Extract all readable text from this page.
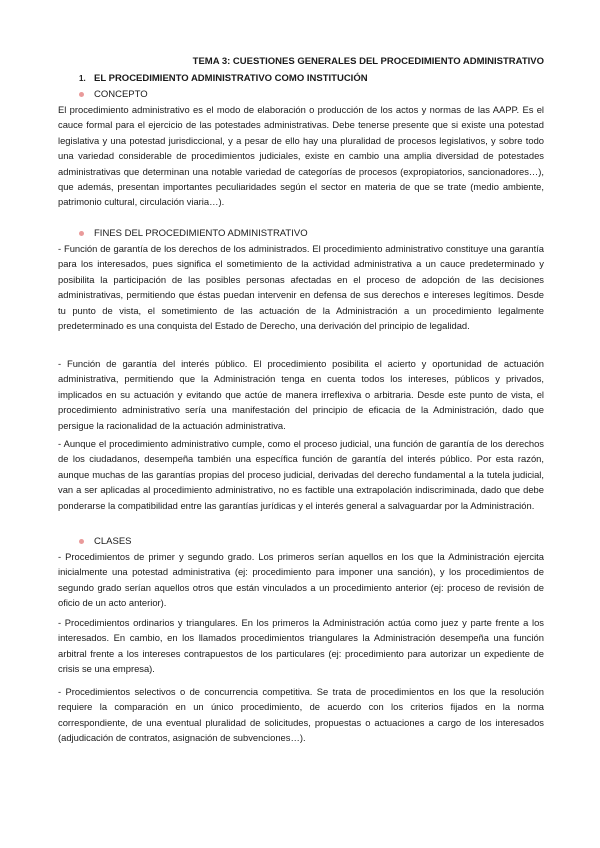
TEMA 3: CUESTIONES GENERALES DEL PROCEDIMIENTO ADMINISTRATIVO
1. EL PROCEDIMIENTO ADMINISTRATIVO COMO INSTITUCIÓN
CONCEPTO

El procedimiento administrativo es el modo de elaboración o producción de los actos y normas de las AAPP. Es el cauce formal para el ejercicio de las potestades administrativas. Debe tenerse presente que si existe una potestad legislativa y una potestad jurisdiccional, y a pesar de ello hay una pluralidad de procesos legislativos, y sobre todo una variedad considerable de procedimientos judiciales, existe en cambio una amplia diversidad de potestades administrativas que determinan una notable variedad de categorías de procesos (expropiatorios, sancionadores…), que además, presentan importantes peculiaridades según el sector en materia de que se trate (medio ambiente, patrimonio cultural, circulación viaria…).

FINES DEL PROCEDIMIENTO ADMINISTRATIVO

- Función de garantía de los derechos de los administrados. El procedimiento administrativo constituye una garantía para los interesados, pues significa el sometimiento de la actividad administrativa a un cauce predeterminado y posibilita la participación de las posibles personas afectadas en el proceso de adopción de las decisiones administrativas, permitiendo que éstas puedan intervenir en defensa de sus derechos e intereses legítimos. Desde tu punto de vista, el sometimiento de las actuación de la Administración a un procedimiento legalmente predeterminado es una conquista del Estado de Derecho, una derivación del principio de legalidad.

- Función de garantía del interés público. El procedimiento posibilita el acierto y oportunidad de actuación administrativa, permitiendo que la Administración tenga en cuenta todos los intereses, públicos y privados, implicados en su actuación y evitando que actúe de manera irreflexiva o arbitraria. Desde este punto de vista, el procedimiento administrativo sería una manifestación del principio de eficacia de la Administración, dado que persigue la racionalidad de la actuación administrativa.

- Aunque el procedimiento administrativo cumple, como el proceso judicial, una función de garantía de los derechos de los ciudadanos, desempeña también una específica función de garantía del interés público. Por esta razón, aunque muchas de las garantías propias del proceso judicial, derivadas del derecho fundamental a la tutela judicial, van a ser aplicadas al procedimiento administrativo, no es factible una extrapolación indiscriminada, dado que debe ponderarse la compatibilidad entre las garantías jurídicas y el interés general a salvaguardar por la Administración.

CLASES

- Procedimientos de primer y segundo grado. Los primeros serían aquellos en los que la Administración ejercita inicialmente una potestad administrativa (ej: procedimiento para imponer una sanción), y los procedimientos de segundo grado serían aquellos otros que están vinculados a un procedimiento anterior (ej: proceso de revisión de oficio de un acto anterior).

- Procedimientos ordinarios y triangulares. En los primeros la Administración actúa como juez y parte frente a los interesados. En cambio, en los llamados procedimientos triangulares la Administración desempeña una función arbitral frente a los intereses contrapuestos de los particulares (ej: procedimiento para autorizar un expediente de crisis se una empresa).

- Procedimientos selectivos o de concurrencia competitiva. Se trata de procedimientos en los que la resolución requiere la comparación en un único procedimiento, de acuerdo con los criterios fijados en la norma correspondiente, de una eventual pluralidad de solicitudes, propuestas o actuaciones a cargo de los interesados (adjudicación de contratos, asignación de subvenciones…).
